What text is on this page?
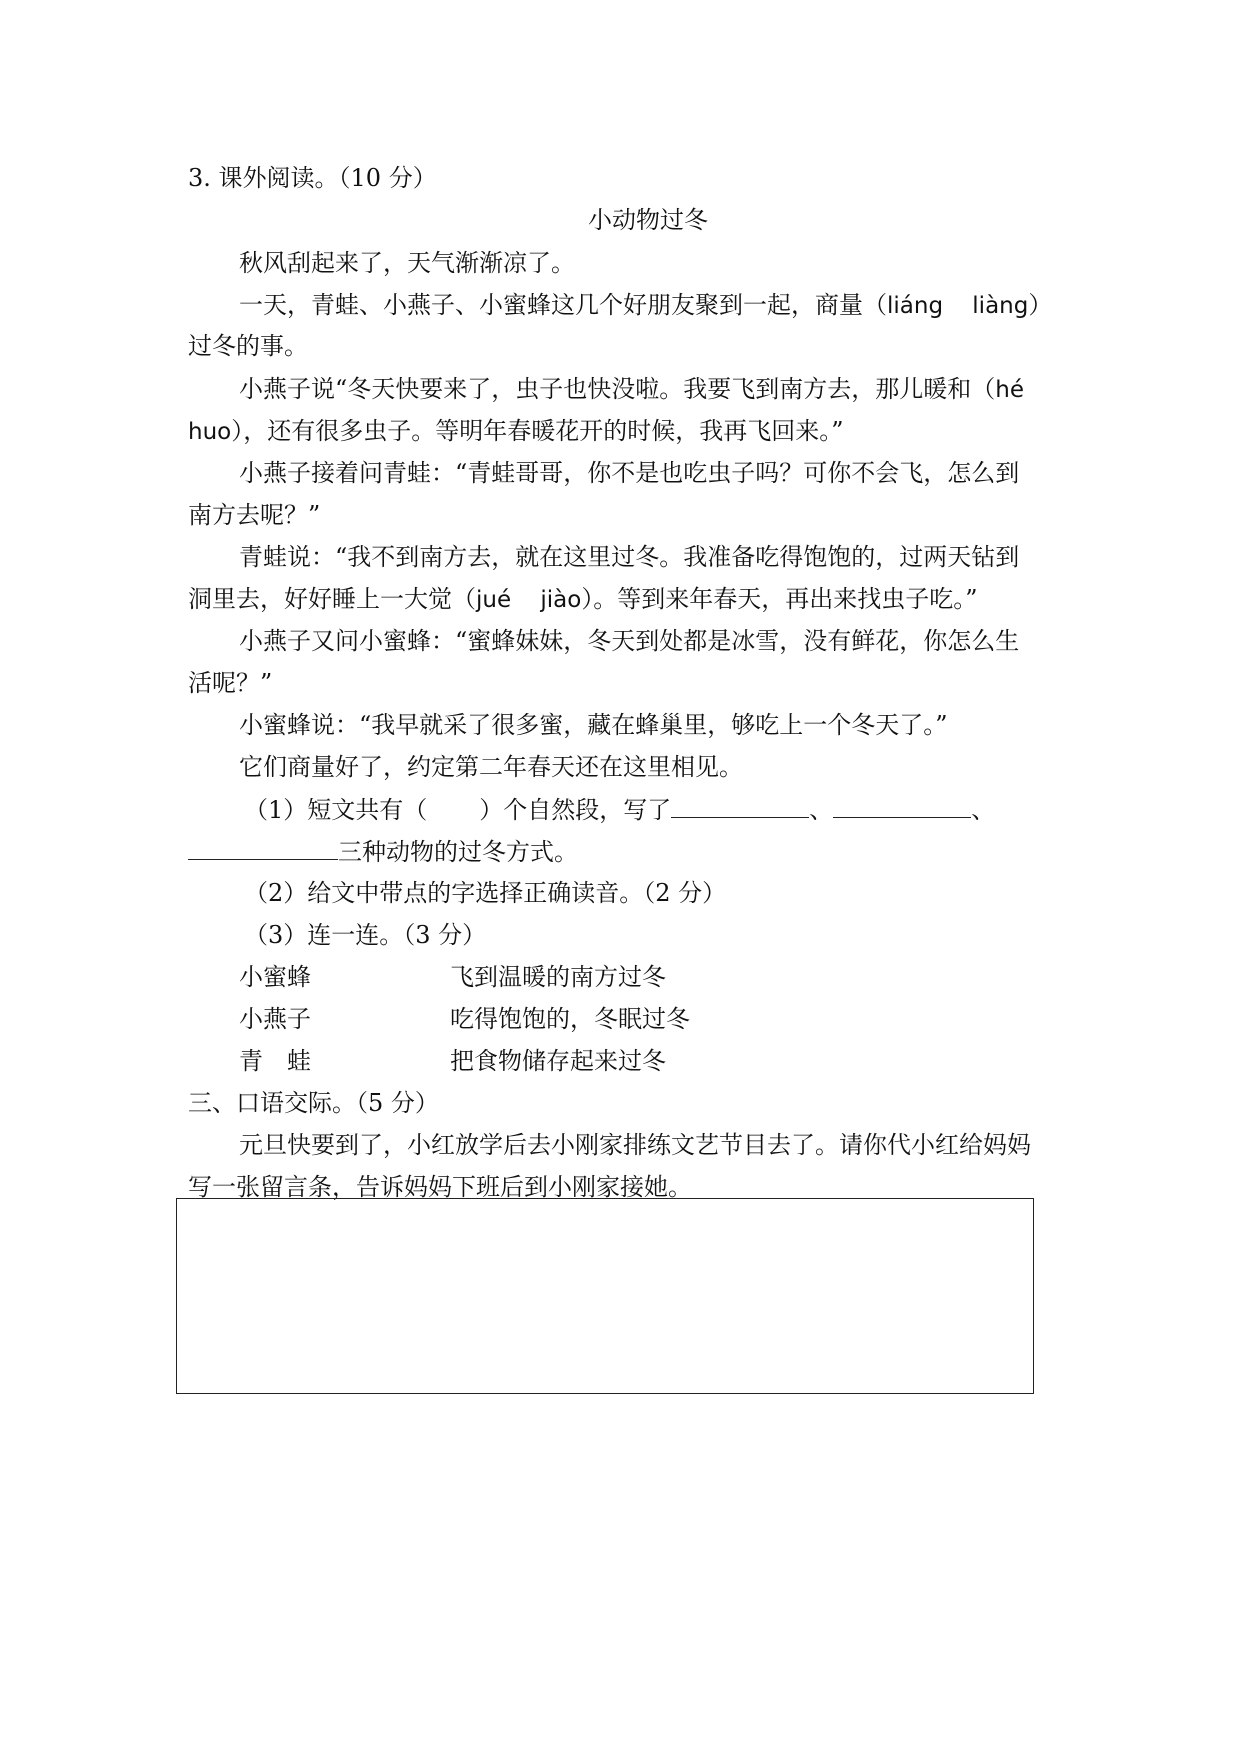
3. 课外阅读。（10 分）
小动物过冬
秋风刮起来了，天气渐渐凉了。
一天，青蛙、小燕子、小蜜蜂这几个好朋友聚到一起，商量（liáng    liàng）
过冬的事。
小燕子说“冬天快要来了，虫子也快没啦。我要飞到南方去，那儿暖和（hé
huo），还有很多虫子。等明年春暖花开的时候，我再飞回来。”
小燕子接着问青蛙：“青蛙哥哥，你不是也吃虫子吗？可你不会飞，怎么到
南方去呢？”
青蛙说：“我不到南方去，就在这里过冬。我准备吃得饱饱的，过两天钻到
洞里去，好好睡上一大觉（jué    jiào）。等到来年春天，再出来找虫子吃。”
小燕子又问小蜜蜂：“蜜蜂妹妹，冬天到处都是冰雪，没有鲜花，你怎么生
活呢？”
小蜜蜂说：“我早就采了很多蜜，藏在蜂巢里，够吃上一个冬天了。”
它们商量好了，约定第二年春天还在这里相见。
（1）短文共有（ ）个自然段，写了	、	、
三种动物的过冬方式。
（2）给文中带点的字选择正确读音。（2 分）
（3）连一连。（3 分）
小蜜蜂	飞到温暖的南方过冬
小燕子	吃得饱饱的，冬眠过冬
青　蛙	把食物储存起来过冬
三、口语交际。（5 分）
元旦快要到了，小红放学后去小刚家排练文艺节目去了。请你代小红给妈妈
写一张留言条，告诉妈妈下班后到小刚家接她。
